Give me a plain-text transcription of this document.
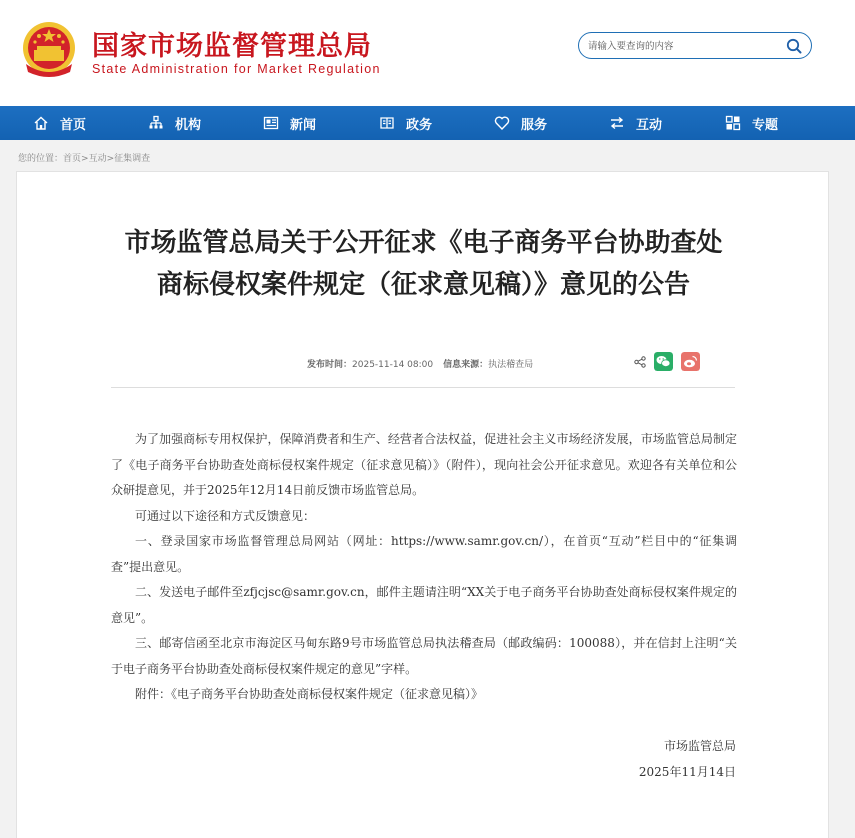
国家市场监督管理总局
State Administration for Market Regulation
请输入要查询的内容
首页	机构	新闻	政务	服务	互动	专题
您的位置：首页>互动>征集调查
市场监管总局关于公开征求《电子商务平台协助查处商标侵权案件规定（征求意见稿）》意见的公告
发布时间：2025-11-14 08:00 信息来源：执法稽查局

为了加强商标专用权保护，保障消费者和生产、经营者合法权益，促进社会主义市场经济发展，市场监管总局制定了《电子商务平台协助查处商标侵权案件规定（征求意见稿）》（附件），现向社会公开征求意见。欢迎各有关单位和公众研提意见，并于2025年12月14日前反馈市场监管总局。

可通过以下途径和方式反馈意见：

一、登录国家市场监督管理总局网站（网址：https://www.samr.gov.cn/），在首页“互动”栏目中的“征集调查”提出意见。

二、发送电子邮件至zfjcjsc@samr.gov.cn，邮件主题请注明“XX关于电子商务平台协助查处商标侵权案件规定的意见”。

三、邮寄信函至北京市海淀区马甸东路9号市场监管总局执法稽查局（邮政编码：100088），并在信封上注明“关于电子商务平台协助查处商标侵权案件规定的意见”字样。

附件：《电子商务平台协助查处商标侵权案件规定（征求意见稿）》

市场监管总局
2025年11月14日
